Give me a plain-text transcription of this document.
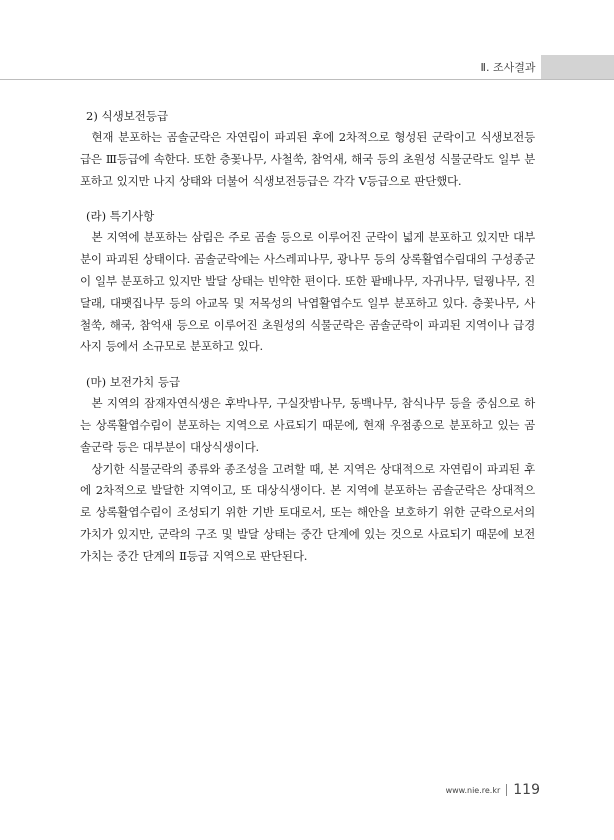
Ⅱ. 조사결과

2) 식생보전등급

현재 분포하는 곰솔군락은 자연림이 파괴된 후에 2차적으로 형성된 군락이고 식생보전등급은 Ⅲ등급에 속한다. 또한 층꽃나무, 사철쑥, 참억새, 해국 등의 초원성 식물군락도 일부 분포하고 있지만 나지 상태와 더불어 식생보전등급은 각각 Ⅴ등급으로 판단했다.

(라) 특기사항

본 지역에 분포하는 삼림은 주로 곰솔 등으로 이루어진 군락이 넓게 분포하고 있지만 대부분이 파괴된 상태이다. 곰솔군락에는 사스레피나무, 광나무 등의 상록활엽수림대의 구성종군이 일부 분포하고 있지만 발달 상태는 빈약한 편이다. 또한 팥배나무, 자귀나무, 덜꿩나무, 진달래, 대팻집나무 등의 아교목 및 저목성의 낙엽활엽수도 일부 분포하고 있다. 층꽃나무, 사철쑥, 해국, 참억새 등으로 이루어진 초원성의 식물군락은 곰솔군락이 파괴된 지역이나 급경사지 등에서 소규모로 분포하고 있다.

(마) 보전가치 등급

본 지역의 잠재자연식생은 후박나무, 구실잣밤나무, 동백나무, 참식나무 등을 중심으로 하는 상록활엽수림이 분포하는 지역으로 사료되기 때문에, 현재 우점종으로 분포하고 있는 곰솔군락 등은 대부분이 대상식생이다.

상기한 식물군락의 종류와 종조성을 고려할 때, 본 지역은 상대적으로 자연림이 파괴된 후에 2차적으로 발달한 지역이고, 또 대상식생이다. 본 지역에 분포하는 곰솔군락은 상대적으로 상록활엽수림이 조성되기 위한 기반 토대로서, 또는 해안을 보호하기 위한 군락으로서의 가치가 있지만, 군락의 구조 및 발달 상태는 중간 단계에 있는 것으로 사료되기 때문에 보전가치는 중간 단계의 Ⅱ등급 지역으로 판단된다.

www.nie.re.kr 119
